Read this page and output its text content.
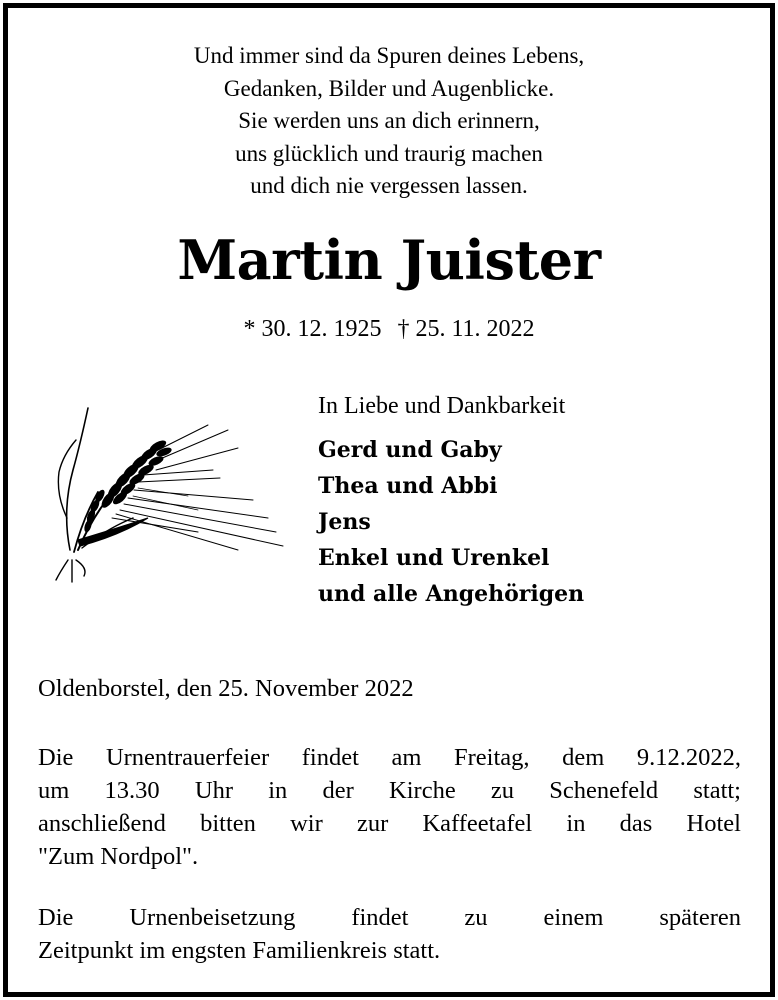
Und immer sind da Spuren deines Lebens,
Gedanken, Bilder und Augenblicke.
Sie werden uns an dich erinnern,
uns glücklich und traurig machen
und dich nie vergessen lassen.
Martin Juister
* 30. 12. 1925 † 25. 11. 2022
In Liebe und Dankbarkeit
Gerd und Gaby
Thea und Abbi
Jens
Enkel und Urenkel
und alle Angehörigen
Oldenborstel, den 25. November 2022
Die Urnentrauerfeier findet am Freitag, dem 9.12.2022,
um 13.30 Uhr in der Kirche zu Schenefeld statt;
anschließend bitten wir zur Kaffeetafel in das Hotel
"Zum Nordpol".
Die Urnenbeisetzung findet zu einem späteren
Zeitpunkt im engsten Familienkreis statt.
